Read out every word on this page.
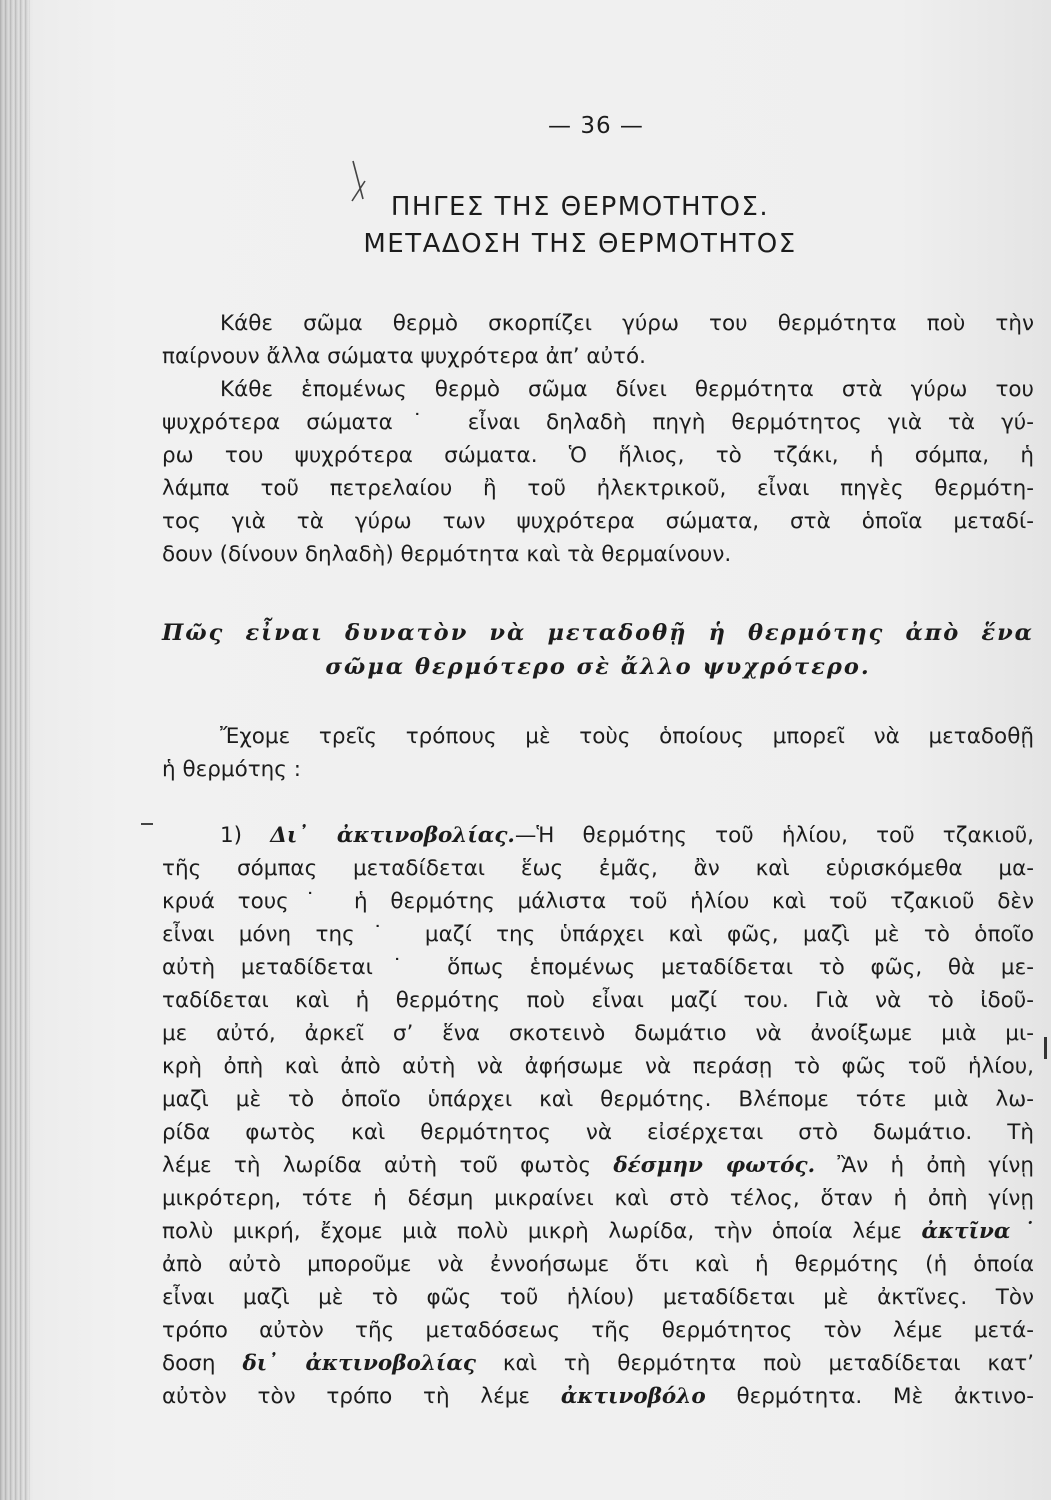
— 36 —
ΠΗΓΕΣ ΤΗΣ ΘΕΡΜΟΤΗΤΟΣ.
ΜΕΤΑΔΟΣΗ ΤΗΣ ΘΕΡΜΟΤΗΤΟΣ
Κάθε σῶμα θερμὸ σκορπίζει γύρω του θερμότητα ποὺ τὴν
παίρνουν ἄλλα σώματα ψυχρότερα ἀπ’ αὐτό.
Κάθε ἑπομένως θερμὸ σῶμα δίνει θερμότητα στὰ γύρω του
ψυχρότερα σώματα˙ εἶναι δηλαδὴ πηγὴ θερμότητος γιὰ τὰ γύ-
ρω του ψυχρότερα σώματα. Ὁ ἥλιος, τὸ τζάκι, ἡ σόμπα, ἡ
λάμπα τοῦ πετρελαίου ἢ τοῦ ἠλεκτρικοῦ, εἶναι πηγὲς θερμότη-
τος γιὰ τὰ γύρω των ψυχρότερα σώματα, στὰ ὁποῖα μεταδί-
δουν (δίνουν δηλαδὴ) θερμότητα καὶ τὰ θερμαίνουν.
Πῶς εἶναι δυνατὸν νὰ μεταδοθῇ ἡ θερμότης ἀπὸ ἕνα
σῶμα θερμότερο σὲ ἄλλο ψυχρότερο.
Ἔχομε τρεῖς τρόπους μὲ τοὺς ὁποίους μπορεῖ νὰ μεταδοθῇ
ἡ θερμότης :
1) Δι᾿ ἀκτινοβολίας.—Ἡ θερμότης τοῦ ἡλίου, τοῦ τζακιοῦ,
τῆς σόμπας μεταδίδεται ἕως ἐμᾶς, ἂν καὶ εὑρισκόμεθα μα-
κρυά τους˙ ἡ θερμότης μάλιστα τοῦ ἡλίου καὶ τοῦ τζακιοῦ δὲν
εἶναι μόνη της˙ μαζί της ὑπάρχει καὶ φῶς, μαζὶ μὲ τὸ ὁποῖο
αὐτὴ μεταδίδεται˙ ὅπως ἑπομένως μεταδίδεται τὸ φῶς, θὰ με-
ταδίδεται καὶ ἡ θερμότης ποὺ εἶναι μαζί του. Γιὰ νὰ τὸ ἰδοῦ-
με αὐτό, ἀρκεῖ σ’ ἕνα σκοτεινὸ δωμάτιο νὰ ἀνοίξωμε μιὰ μι-
κρὴ ὀπὴ καὶ ἀπὸ αὐτὴ νὰ ἀφήσωμε νὰ περάσῃ τὸ φῶς τοῦ ἡλίου,
μαζὶ μὲ τὸ ὁποῖο ὑπάρχει καὶ θερμότης. Βλέπομε τότε μιὰ λω-
ρίδα φωτὸς καὶ θερμότητος νὰ εἰσέρχεται στὸ δωμάτιο. Τὴ
λέμε τὴ λωρίδα αὐτὴ τοῦ φωτὸς δέσμην φωτός. Ἂν ἡ ὀπὴ γίνῃ
μικρότερη, τότε ἡ δέσμη μικραίνει καὶ στὸ τέλος, ὅταν ἡ ὀπὴ γίνῃ
πολὺ μικρή, ἔχομε μιὰ πολὺ μικρὴ λωρίδα, τὴν ὁποία λέμε ἀκτῖνα˙
ἀπὸ αὐτὸ μποροῦμε νὰ ἐννοήσωμε ὅτι καὶ ἡ θερμότης (ἡ ὁποία
εἶναι μαζὶ μὲ τὸ φῶς τοῦ ἡλίου) μεταδίδεται μὲ ἀκτῖνες. Τὸν
τρόπο αὐτὸν τῆς μεταδόσεως τῆς θερμότητος τὸν λέμε μετά-
δοση δι᾿ ἀκτινοβολίας καὶ τὴ θερμότητα ποὺ μεταδίδεται κατ’
αὐτὸν τὸν τρόπο τὴ λέμε ἀκτινοβόλο θερμότητα. Μὲ ἀκτινο-
